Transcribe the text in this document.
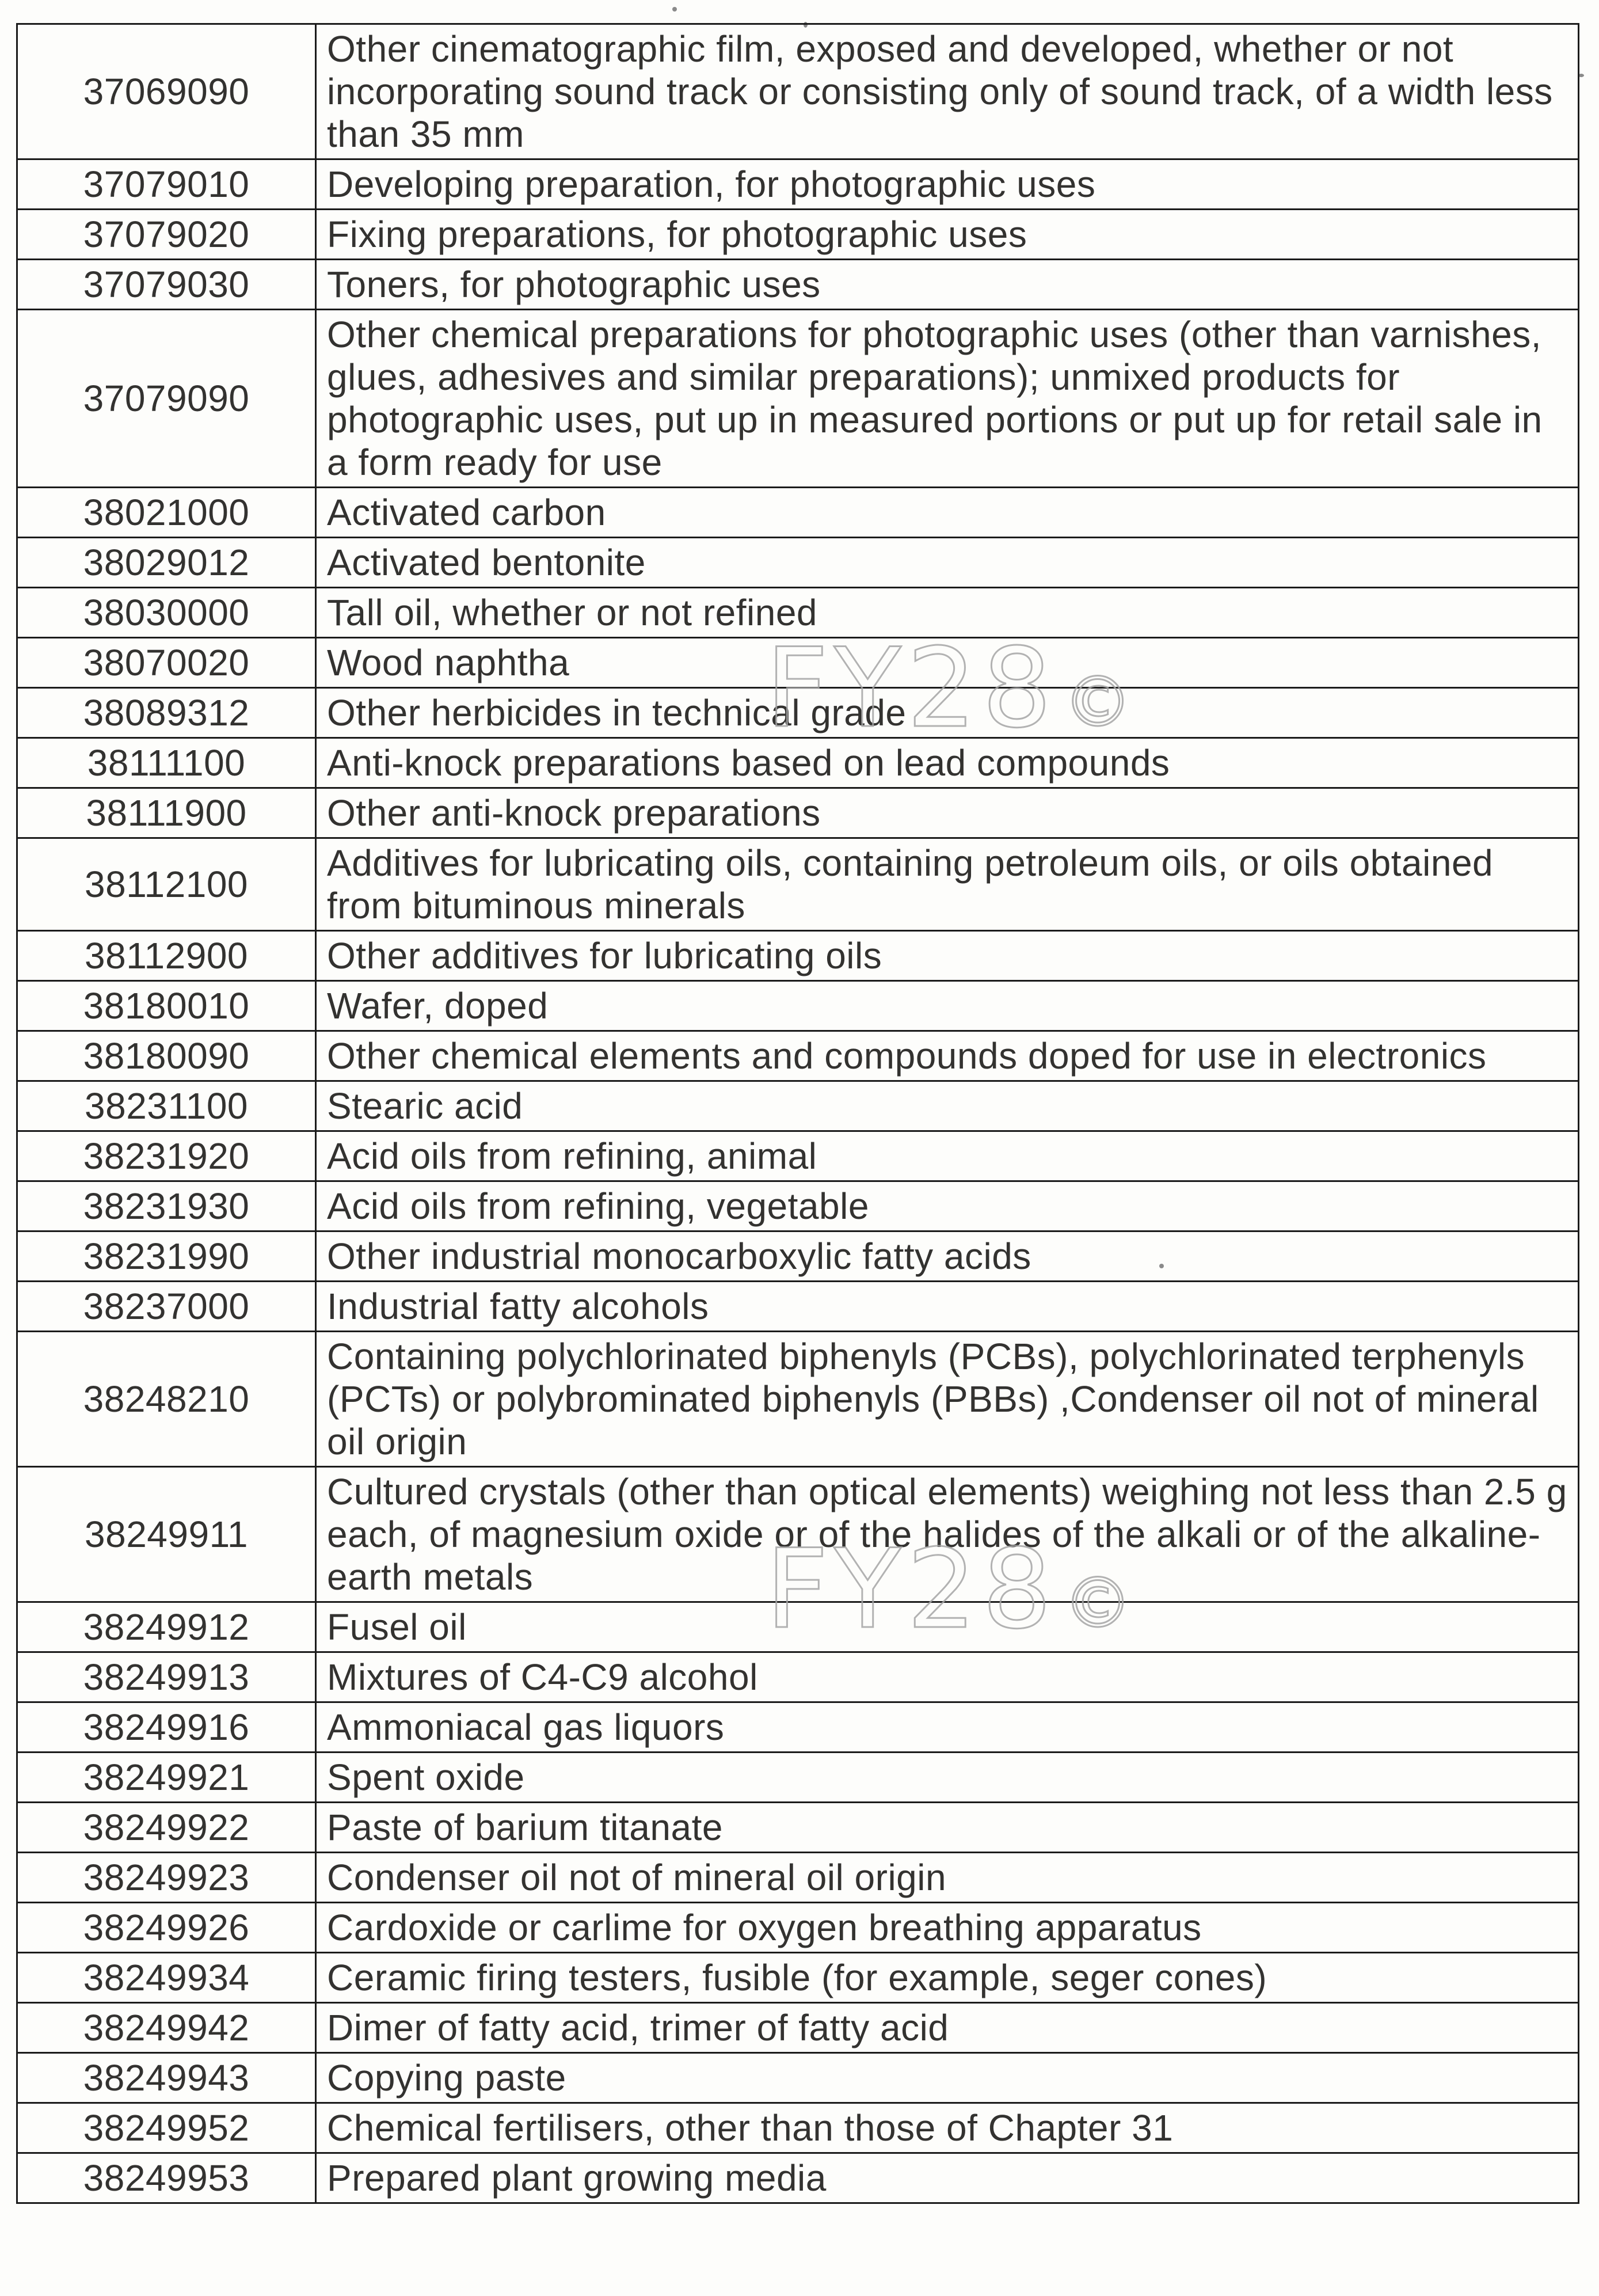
FY28©
FY28©
37069090	Other cinematographic film, exposed and developed, whether or not incorporating sound track or consisting only of sound track, of a width less than 35 mm
37079010	Developing preparation, for photographic uses
37079020	Fixing preparations, for photographic uses
37079030	Toners, for photographic uses
37079090	Other chemical preparations for photographic uses (other than varnishes, glues, adhesives and similar preparations); unmixed products for photographic uses, put up in measured portions or put up for retail sale in a form ready for use
38021000	Activated carbon
38029012	Activated bentonite
38030000	Tall oil, whether or not refined
38070020	Wood naphtha
38089312	Other herbicides in technical grade
38111100	Anti-knock preparations based on lead compounds
38111900	Other anti-knock preparations
38112100	Additives for lubricating oils, containing petroleum oils, or oils obtained from bituminous minerals
38112900	Other additives for lubricating oils
38180010	Wafer, doped
38180090	Other chemical elements and compounds doped for use in electronics
38231100	Stearic acid
38231920	Acid oils from refining, animal
38231930	Acid oils from refining, vegetable
38231990	Other industrial monocarboxylic fatty acids
38237000	Industrial fatty alcohols
38248210	Containing polychlorinated biphenyls (PCBs), polychlorinated terphenyls (PCTs) or polybrominated biphenyls (PBBs) ,Condenser oil not of mineral oil origin
38249911	Cultured crystals (other than optical elements) weighing not less than 2.5 g each, of magnesium oxide or of the halides of the alkali or of the alkaline-earth metals
38249912	Fusel oil
38249913	Mixtures of C4-C9 alcohol
38249916	Ammoniacal gas liquors
38249921	Spent oxide
38249922	Paste of barium titanate
38249923	Condenser oil not of mineral oil origin
38249926	Cardoxide or carlime for oxygen breathing apparatus
38249934	Ceramic firing testers, fusible (for example, seger cones)
38249942	Dimer of fatty acid, trimer of fatty acid
38249943	Copying paste
38249952	Chemical fertilisers, other than those of Chapter 31
38249953	Prepared plant growing media
